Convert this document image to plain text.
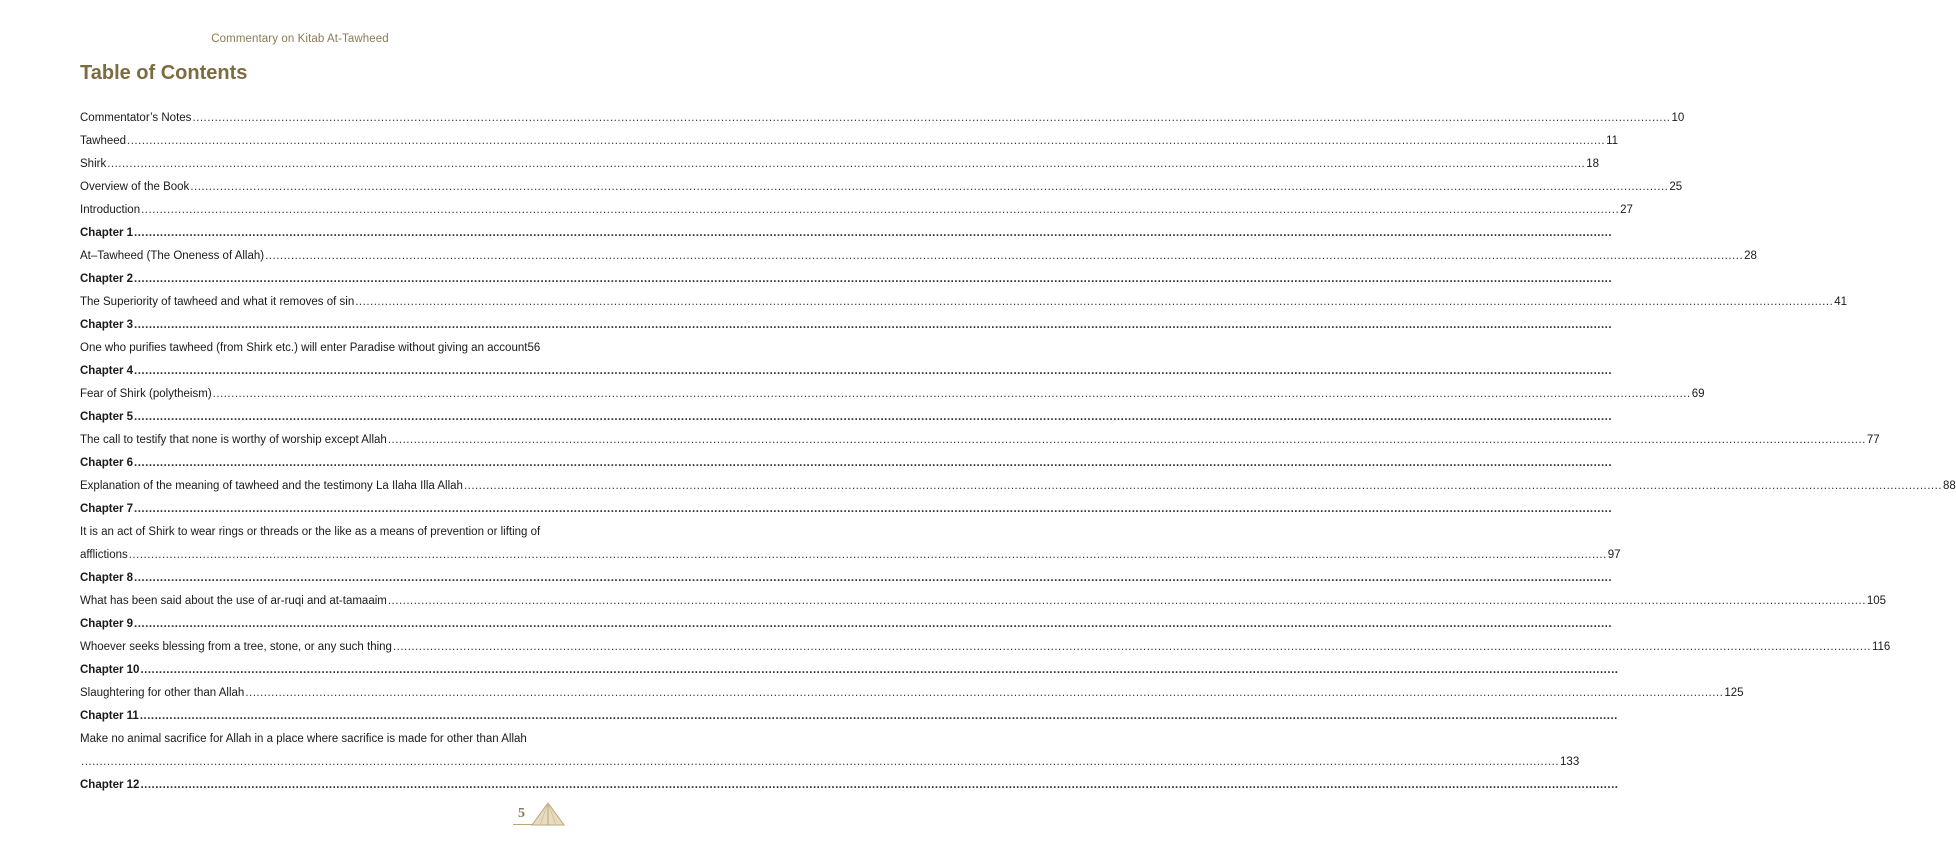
Commentary on Kitab At-Tawheed
Table of Contents
Commentator’s Notes ................................................................................................................................................................................................................................................................................................................................................................................................................ 10
Tawheed ................................................................................................................................................................................................................................................................................................................................................................................................................ 11
Shirk ................................................................................................................................................................................................................................................................................................................................................................................................................ 18
Overview of the Book ................................................................................................................................................................................................................................................................................................................................................................................................................ 25
Introduction ................................................................................................................................................................................................................................................................................................................................................................................................................ 27
Chapter 1 ................................................................................................................................................................................................................................................................................................................................................................................................................
At–Tawheed (The Oneness of Allah) ................................................................................................................................................................................................................................................................................................................................................................................................................ 28
Chapter 2 ................................................................................................................................................................................................................................................................................................................................................................................................................
The Superiority of tawheed and what it removes of sin ................................................................................................................................................................................................................................................................................................................................................................................................................ 41
Chapter 3 ................................................................................................................................................................................................................................................................................................................................................................................................................
One who purifies tawheed (from Shirk etc.) will enter Paradise without giving an account 56
Chapter 4 ................................................................................................................................................................................................................................................................................................................................................................................................................
Fear of Shirk (polytheism) ................................................................................................................................................................................................................................................................................................................................................................................................................ 69
Chapter 5 ................................................................................................................................................................................................................................................................................................................................................................................................................
The call to testify that none is worthy of worship except Allah ................................................................................................................................................................................................................................................................................................................................................................................................................ 77
Chapter 6 ................................................................................................................................................................................................................................................................................................................................................................................................................
Explanation of the meaning of tawheed and the testimony La Ilaha Illa Allah ................................................................................................................................................................................................................................................................................................................................................................................................................ 88
Chapter 7 ................................................................................................................................................................................................................................................................................................................................................................................................................
It is an act of Shirk to wear rings or threads or the like as a means of prevention or lifting of
afflictions ................................................................................................................................................................................................................................................................................................................................................................................................................ 97
Chapter 8 ................................................................................................................................................................................................................................................................................................................................................................................................................
What has been said about the use of ar-ruqi and at-tamaaim ................................................................................................................................................................................................................................................................................................................................................................................................................ 105
Chapter 9 ................................................................................................................................................................................................................................................................................................................................................................................................................
Whoever seeks blessing from a tree, stone, or any such thing ................................................................................................................................................................................................................................................................................................................................................................................................................ 116
Chapter 10 ................................................................................................................................................................................................................................................................................................................................................................................................................
Slaughtering for other than Allah ................................................................................................................................................................................................................................................................................................................................................................................................................ 125
Chapter 11 ................................................................................................................................................................................................................................................................................................................................................................................................................
Make no animal sacrifice for Allah in a place where sacrifice is made for other than Allah
................................................................................................................................................................................................................................................................................................................................................................................................................ 133
Chapter 12 ................................................................................................................................................................................................................................................................................................................................................................................................................
5
